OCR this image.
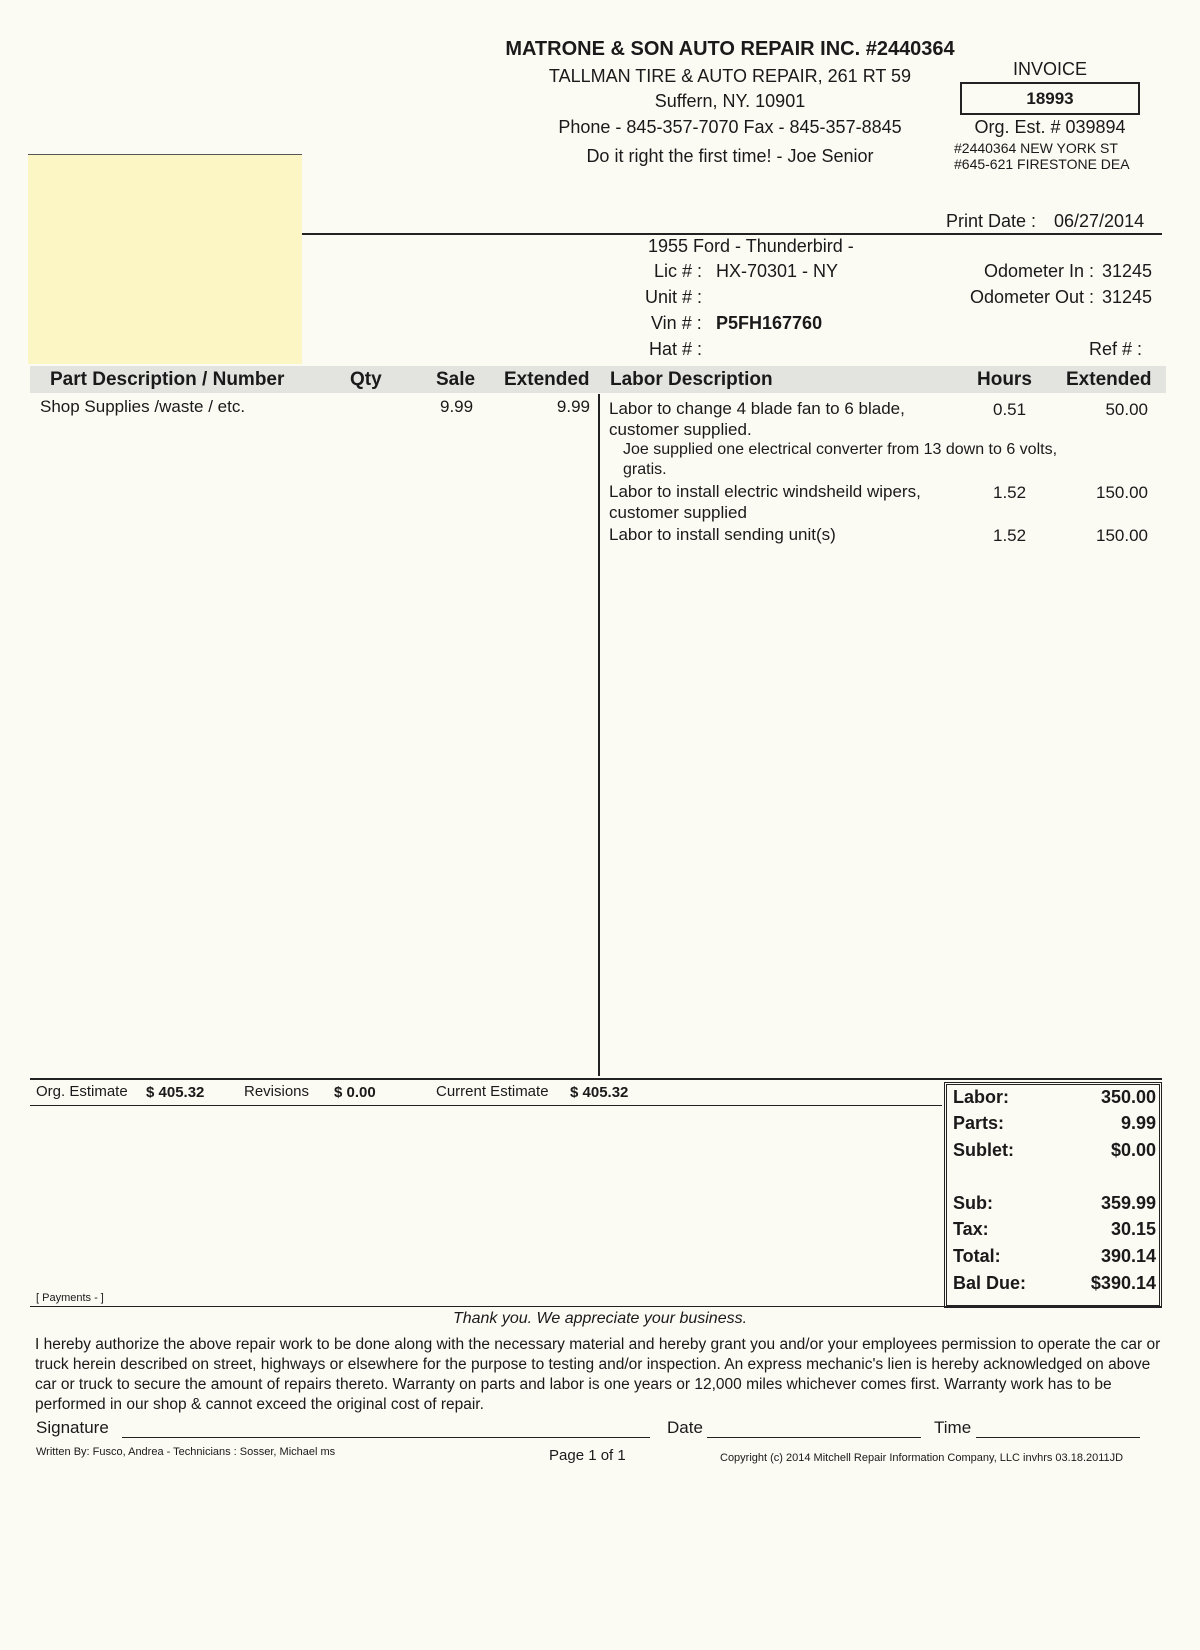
MATRONE & SON AUTO REPAIR INC. #2440364
TALLMAN TIRE & AUTO REPAIR, 261 RT 59
Suffern, NY. 10901
Phone - 845-357-7070 Fax - 845-357-8845
Do it right the first time! - Joe Senior
INVOICE
18993
Org. Est. # 039894
#2440364 NEW YORK ST
#645-621 FIRESTONE DEA
Print Date : 06/27/2014
1955 Ford - Thunderbird -
Lic # : HX-70301 - NY
Unit # :
Vin # : P5FH167760
Hat # :
Odometer In : 31245
Odometer Out : 31245
Ref # :
Part Description / Number	Qty	Sale Extended Labor Description	Hours Extended
Shop Supplies /waste / etc.	9.99	9.99 Labor to change 4 blade fan to 6 blade,
customer supplied.
0.51	50.00
Joe supplied one electrical converter from 13 down to 6 volts,
gratis.
Labor to install electric windsheild wipers,
customer supplied
1.52	150.00
Labor to install sending unit(s)	1.52	150.00
Org. Estimate $ 405.32	Revisions $ 0.00	Current Estimate $ 405.32	Labor:	350.00
Parts:	9.99
Sublet:	$0.00
Sub:	359.99
Tax:	30.15
Total:	390.14
Bal Due:	$390.14
[ Payments - ]
Thank you. We appreciate your business.
I hereby authorize the above repair work to be done along with the necessary material and hereby grant you and/or your employees permission to operate the car or truck herein described on street, highways or elsewhere for the purpose to testing and/or inspection. An express mechanic's lien is hereby acknowledged on above car or truck to secure the amount of repairs thereto. Warranty on parts and labor is one years or 12,000 miles whichever comes first. Warranty work has to be performed in our shop & cannot exceed the original cost of repair.
Signature	Date	Time
Written By: Fusco, Andrea - Technicians : Sosser, Michael ms	Page 1 of 1	Copyright (c) 2014 Mitchell Repair Information Company, LLC invhrs 03.18.2011JD
